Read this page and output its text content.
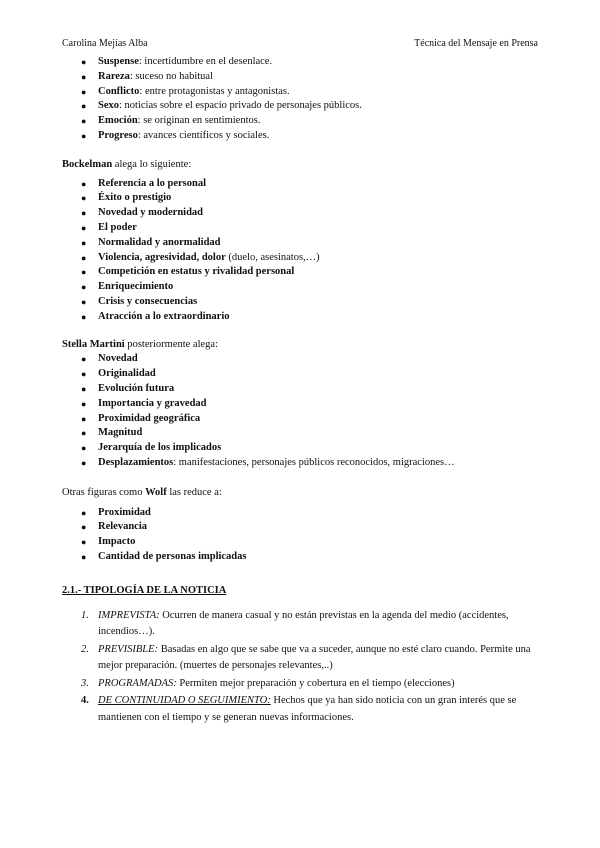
Carolina Mejías Alba	Técnica del Mensaje en Prensa
● Suspense: incertidumbre en el desenlace.
● Rareza: suceso no habitual
● Conflicto: entre protagonistas y antagonistas.
● Sexo: noticias sobre el espacio privado de personajes públicos.
● Emoción: se originan en sentimientos.
● Progreso: avances científicos y sociales.

Bockelman alega lo siguiente:

● Referencia a lo personal
● Éxito o prestigio
● Novedad y modernidad
● El poder
● Normalidad y anormalidad
● Violencia, agresividad, dolor (duelo, asesinatos,…)
● Competición en estatus y rivalidad personal
● Enriquecimiento
● Crisis y consecuencias
● Atracción a lo extraordinario

Stella Martini posteriormente alega:

● Novedad
● Originalidad
● Evolución futura
● Importancia y gravedad
● Proximidad geográfica
● Magnitud
● Jerarquía de los implicados
● Desplazamientos: manifestaciones, personajes públicos reconocidos, migraciones…

Otras figuras como Wolf las reduce a:

● Proximidad
● Relevancia
● Impacto
● Cantidad de personas implicadas

2.1.- TIPOLOGÍA DE LA NOTICIA

1. IMPREVISTA: Ocurren de manera casual y no están previstas en la agenda del medio (accidentes, incendios…).
2. PREVISIBLE: Basadas en algo que se sabe que va a suceder, aunque no esté claro cuando. Permite una mejor preparación. (muertes de personajes relevantes,..)
3. PROGRAMADAS: Permiten mejor preparación y cobertura en el tiempo (elecciones)
4. DE CONTINUIDAD O SEGUIMIENTO: Hechos que ya han sido noticia con un gran interés que se mantienen con el tiempo y se generan nuevas informaciones.
